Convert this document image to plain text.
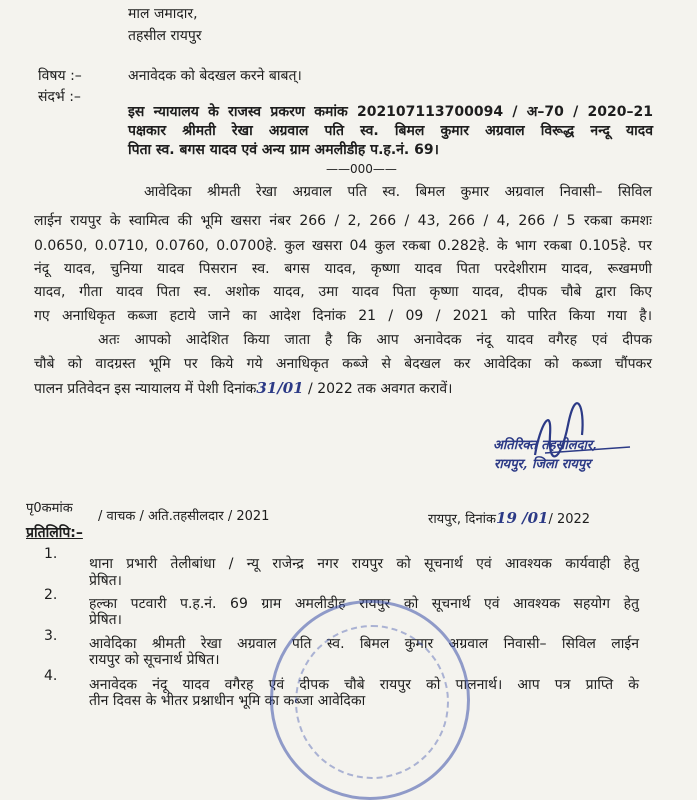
माल जमादार,
तहसील रायपुर
विषय :–	अनावेदक को बेदखल करने बाबत्।
संदर्भ :–
इस न्यायालय के राजस्व प्रकरण कमांक 202107113700094 / अ–70 / 2020–21
पक्षकार श्रीमती रेखा अग्रवाल पति स्व. बिमल कुमार अग्रवाल विरूद्ध नन्दू यादव
पिता स्व. बगस यादव एवं अन्य ग्राम अमलीडीह प.ह.नं. 69।
——000——
आवेदिका श्रीमती रेखा अग्रवाल पति स्व. बिमल कुमार अग्रवाल निवासी– सिविल
लाईन रायपुर के स्वामित्व की भूमि खसरा नंबर 266 / 2, 266 / 43, 266 / 4, 266 / 5 रकबा कमशः
0.0650, 0.0710, 0.0760, 0.0700हे. कुल खसरा 04 कुल रकबा 0.282हे. के भाग रकबा 0.105हे. पर
नंदू यादव, चुनिया यादव पिसरान स्व. बगस यादव, कृष्णा यादव पिता परदेशीराम यादव, रूखमणी
यादव, गीता यादव पिता स्व. अशोक यादव, उमा यादव पिता कृष्णा यादव, दीपक चौबे द्वारा किए
गए अनाधिकृत कब्जा हटाये जाने का आदेश दिनांक 21 / 09 / 2021 को पारित किया गया है।
अतः आपको आदेशित किया जाता है कि आप अनावेदक नंदू यादव वगैरह एवं दीपक
चौबे को वादग्रस्त भूमि पर किये गये अनाधिकृत कब्जे से बेदखल कर आवेदिका को कब्जा चौंपकर
पालन प्रतिवेदन इस न्यायालय में पेशी दिनांक31/01 / 2022 तक अवगत करावें।
अतिरिक्त तहसीलदार,
रायपुर, जिला रायपुर
पृ0कमांक
/ वाचक / अति.तहसीलदार / 2021	रायपुर, दिनांक19 /01/ 2022
प्रतिलिपि:–
1.
थाना प्रभारी तेलीबांधा / न्यू राजेन्द्र नगर रायपुर को सूचनार्थ एवं आवश्यक कार्यवाही हेतु
प्रेषित।
2.
हल्का पटवारी प.ह.नं. 69 ग्राम अमलीडीह रायपुर को सूचनार्थ एवं आवश्यक सहयोग हेतु
प्रेषित।
3. आवेदिका श्रीमती रेखा अग्रवाल पति स्व. बिमल कुमार अग्रवाल निवासी– सिविल लाईन
रायपुर को सूचनार्थ प्रेषित।
4.
अनावेदक नंदू यादव वगैरह एवं दीपक चौबे रायपुर को पालनार्थ। आप पत्र प्राप्ति के
तीन दिवस के भीतर प्रश्नाधीन भूमि का कब्जा आवेदिका
